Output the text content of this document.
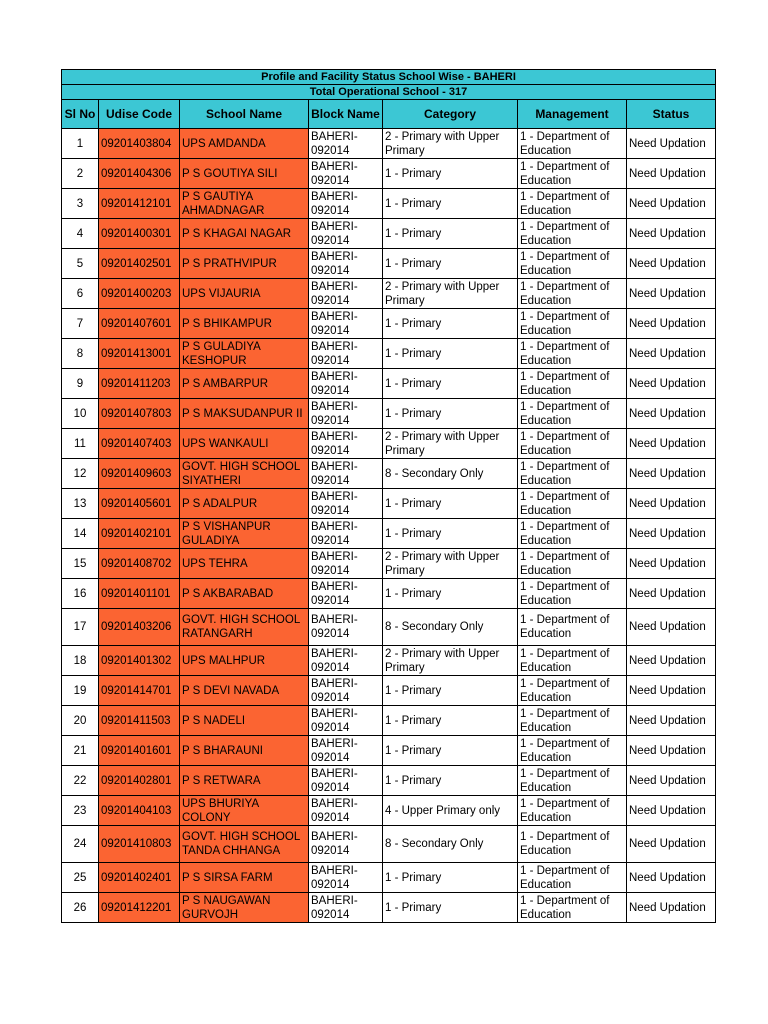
Profile and Facility Status School Wise - BAHERI						
Total Operational School - 317						
Sl No	Udise Code	School Name	Block Name	Category	Management	Status
1	09201403804	UPS AMDANDA	BAHERI-
092014	2 - Primary with Upper
Primary	1 - Department of
Education	Need Updation
2	09201404306	P S GOUTIYA SILI	BAHERI-
092014	1 - Primary	1 - Department of
Education	Need Updation
3	09201412101	P S GAUTIYA
AHMADNAGAR	BAHERI-
092014	1 - Primary	1 - Department of
Education	Need Updation
4	09201400301	P S KHAGAI NAGAR	BAHERI-
092014	1 - Primary	1 - Department of
Education	Need Updation
5	09201402501	P S PRATHVIPUR	BAHERI-
092014	1 - Primary	1 - Department of
Education	Need Updation
6	09201400203	UPS VIJAURIA	BAHERI-
092014	2 - Primary with Upper
Primary	1 - Department of
Education	Need Updation
7	09201407601	P S BHIKAMPUR	BAHERI-
092014	1 - Primary	1 - Department of
Education	Need Updation
8	09201413001	P S GULADIYA
KESHOPUR	BAHERI-
092014	1 - Primary	1 - Department of
Education	Need Updation
9	09201411203	P S AMBARPUR	BAHERI-
092014	1 - Primary	1 - Department of
Education	Need Updation
10	09201407803	P S MAKSUDANPUR II	BAHERI-
092014	1 - Primary	1 - Department of
Education	Need Updation
11	09201407403	UPS WANKAULI	BAHERI-
092014	2 - Primary with Upper
Primary	1 - Department of
Education	Need Updation
12	09201409603	GOVT. HIGH SCHOOL
SIYATHERI	BAHERI-
092014	8 - Secondary Only	1 - Department of
Education	Need Updation
13	09201405601	P S ADALPUR	BAHERI-
092014	1 - Primary	1 - Department of
Education	Need Updation
14	09201402101	P S VISHANPUR
GULADIYA	BAHERI-
092014	1 - Primary	1 - Department of
Education	Need Updation
15	09201408702	UPS TEHRA	BAHERI-
092014	2 - Primary with Upper
Primary	1 - Department of
Education	Need Updation
16	09201401101	P S AKBARABAD	BAHERI-
092014	1 - Primary	1 - Department of
Education	Need Updation
17	09201403206	GOVT. HIGH SCHOOL
RATANGARH	BAHERI-
092014	8 - Secondary Only	1 - Department of
Education	Need Updation
18	09201401302	UPS MALHPUR	BAHERI-
092014	2 - Primary with Upper
Primary	1 - Department of
Education	Need Updation
19	09201414701	P S DEVI NAVADA	BAHERI-
092014	1 - Primary	1 - Department of
Education	Need Updation
20	09201411503	P S NADELI	BAHERI-
092014	1 - Primary	1 - Department of
Education	Need Updation
21	09201401601	P S BHARAUNI	BAHERI-
092014	1 - Primary	1 - Department of
Education	Need Updation
22	09201402801	P S RETWARA	BAHERI-
092014	1 - Primary	1 - Department of
Education	Need Updation
23	09201404103	UPS BHURIYA
COLONY	BAHERI-
092014	4 - Upper Primary only	1 - Department of
Education	Need Updation
24	09201410803	GOVT. HIGH SCHOOL
TANDA CHHANGA	BAHERI-
092014	8 - Secondary Only	1 - Department of
Education	Need Updation
25	09201402401	P S SIRSA FARM	BAHERI-
092014	1 - Primary	1 - Department of
Education	Need Updation
26	09201412201	P S NAUGAWAN
GURVOJH	BAHERI-
092014	1 - Primary	1 - Department of
Education	Need Updation
